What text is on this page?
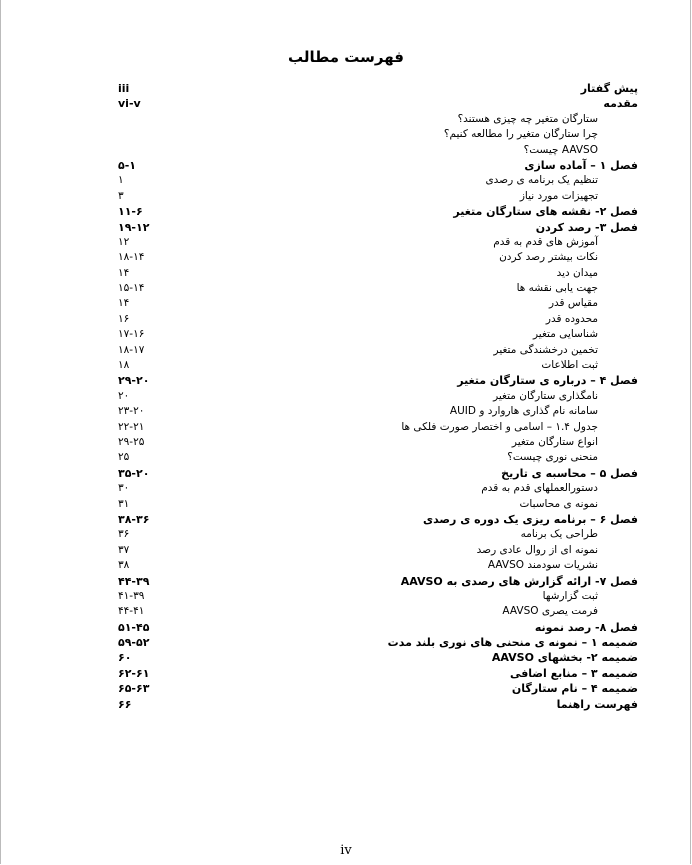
فهرست مطالب
پیش گفتار
iii
مقدمه
vi-v
ستارگان متغیر چه چیزی هستند؟
چرا ستارگان متغیر را مطالعه کنیم؟
AAVSO چیست؟
فصل ۱ – آماده سازی
۵-۱
تنظیم یک برنامه ی رصدی
۱
تجهیزات مورد نیاز
۳
فصل ۲- نقشه های ستارگان متغیر
۱۱-۶
فصل ۳- رصد کردن
۱۹-۱۲
آموزش های قدم به قدم
۱۲
نکات بیشتر رصد کردن
۱۸-۱۴
میدان دید
۱۴
جهت یابی نقشه ها
۱۵-۱۴
مقیاس قدر
۱۴
محدوده قدر
۱۶
شناسایی متغیر
۱۷-۱۶
تخمین درخشندگی متغیر
۱۸-۱۷
ثبت اطلاعات
۱۸
فصل ۴ – درباره ی ستارگان متغیر
۲۹-۲۰
نامگذاری ستارگان متغیر
۲۰
سامانه نام گذاری هاروارد و AUID
۲۳-۲۰
جدول ۱.۴ – اسامی و اختصار صورت فلکی ها
۲۲-۲۱
انواع ستارگان متغیر
۲۹-۲۵
منحنی نوری چیست؟
۲۵
فصل ۵ – محاسبه ی تاریخ
۳۵-۲۰
دستورالعملهای قدم به قدم
۳۰
نمونه ی محاسبات
۳۱
فصل ۶ – برنامه ریزی یک دوره ی رصدی
۳۸-۳۶
طراحی یک برنامه
۳۶
نمونه ای از روال عادی رصد
۳۷
نشریات سودمند AAVSO
۳۸
فصل ۷- ارائه گزارش های رصدی به AAVSO
۴۴-۳۹
ثبت گزارشها
۴۱-۳۹
فرمت یصری AAVSO
۴۴-۴۱
فصل ۸- رصد نمونه
۵۱-۴۵
ضمیمه ۱ – نمونه ی منحنی های نوری بلند مدت
۵۹-۵۲
ضمیمه ۲- بخشهای AAVSO
۶۰
ضمیمه ۳ – منابع اضافی
۶۲-۶۱
ضمیمه ۴ – نام ستارگان
۶۵-۶۳
فهرست راهنما
۶۶
iv
